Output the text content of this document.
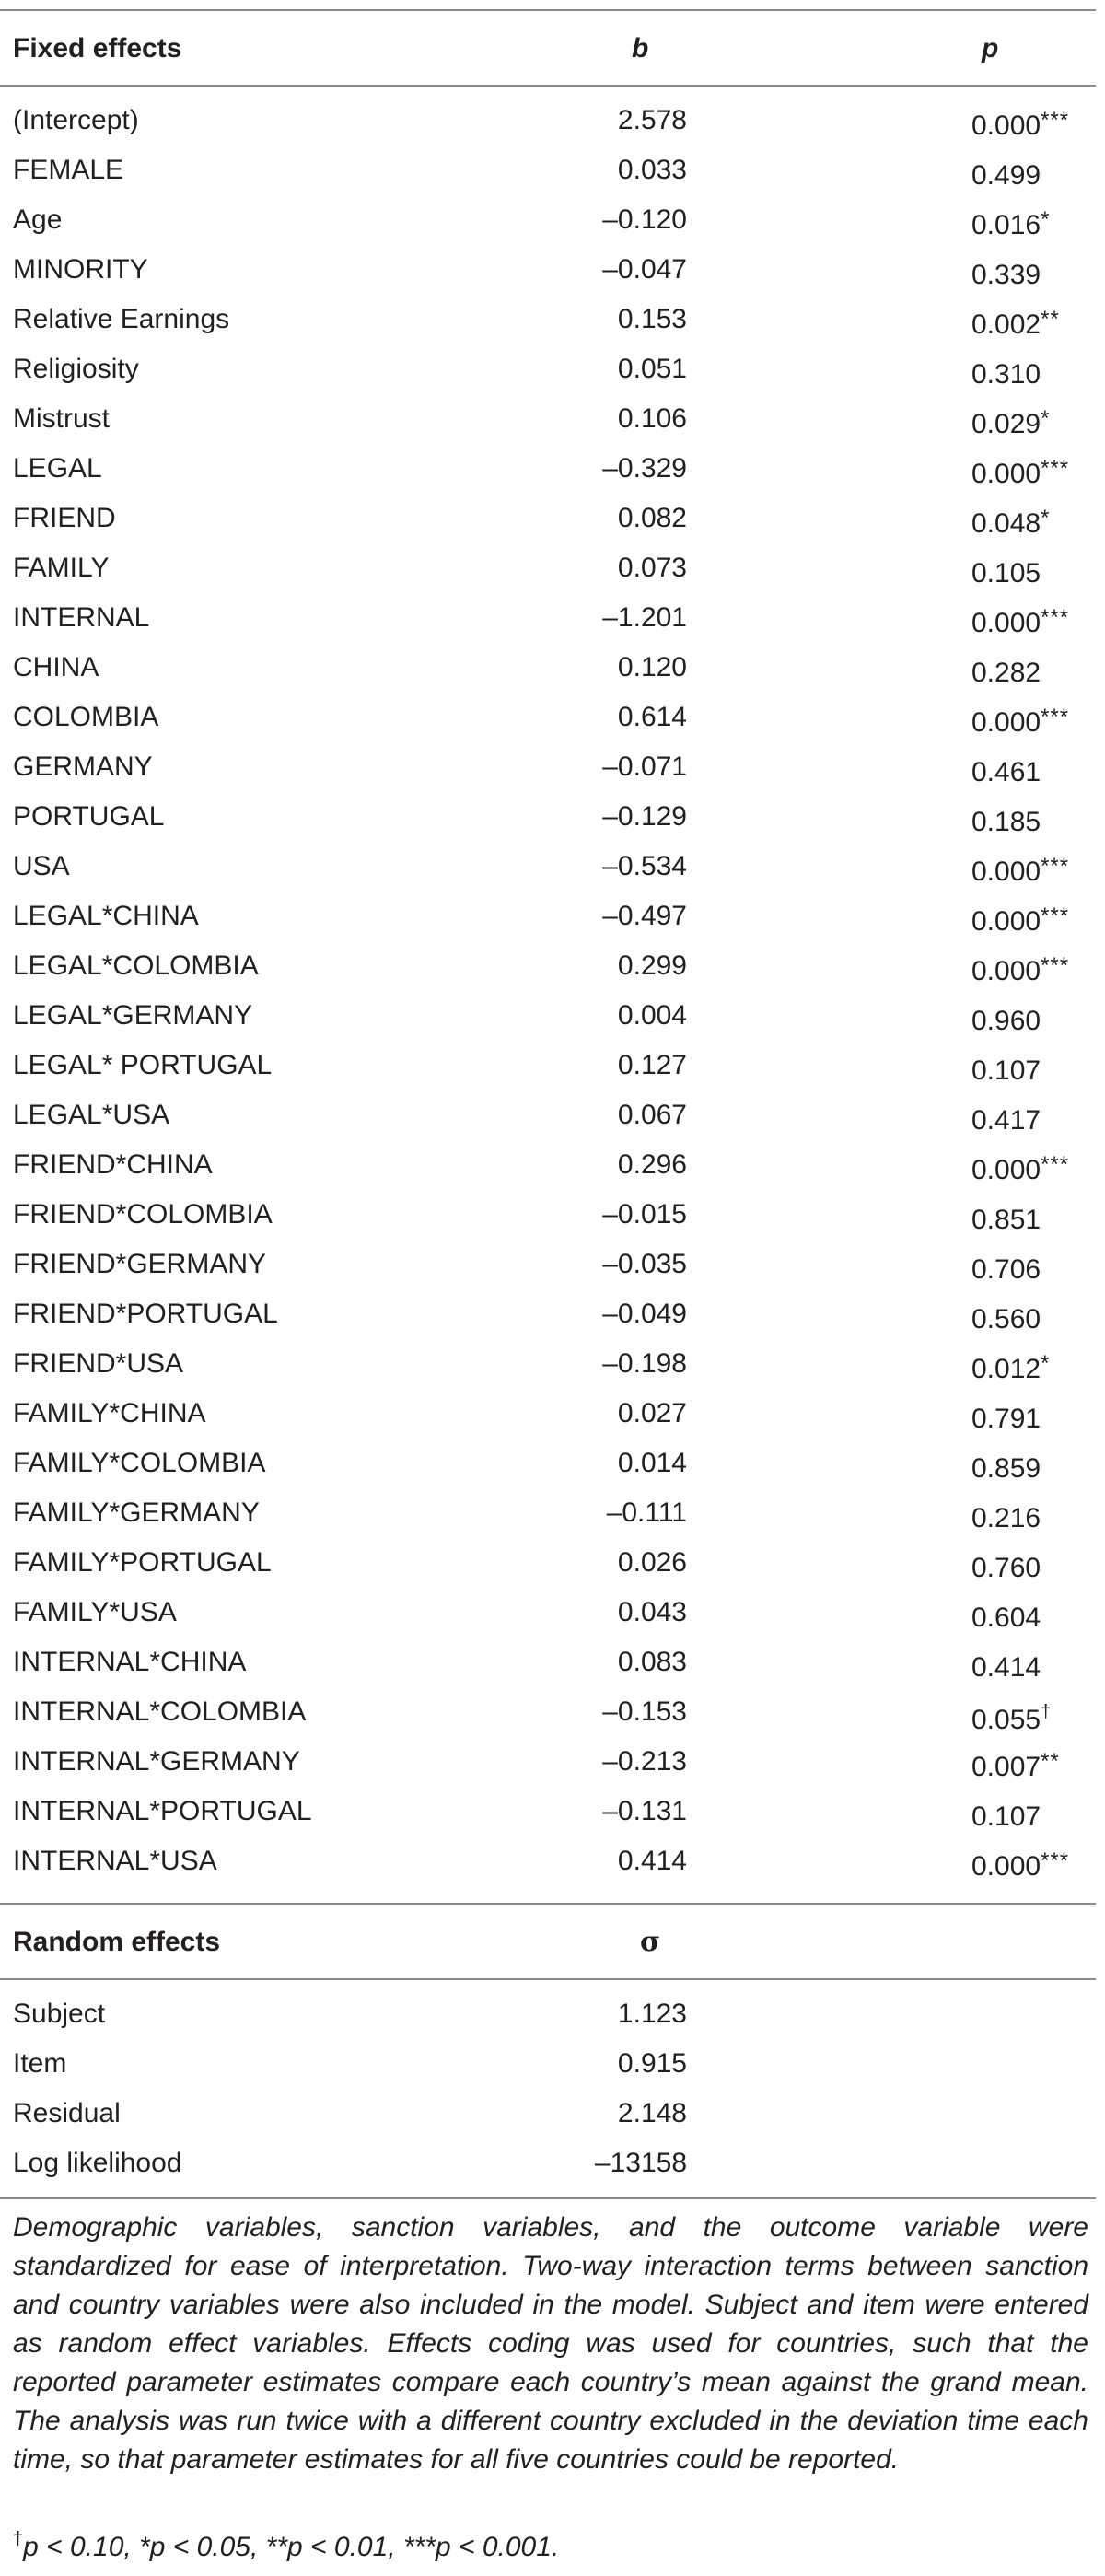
Fixed effects	b	p
(Intercept)	2.578	0.000***
FEMALE	0.033	0.499
Age	–0.120	0.016*
MINORITY	–0.047	0.339
Relative Earnings	0.153	0.002**
Religiosity	0.051	0.310
Mistrust	0.106	0.029*
LEGAL	–0.329	0.000***
FRIEND	0.082	0.048*
FAMILY	0.073	0.105
INTERNAL	–1.201	0.000***
CHINA	0.120	0.282
COLOMBIA	0.614	0.000***
GERMANY	–0.071	0.461
PORTUGAL	–0.129	0.185
USA	–0.534	0.000***
LEGAL*CHINA	–0.497	0.000***
LEGAL*COLOMBIA	0.299	0.000***
LEGAL*GERMANY	0.004	0.960
LEGAL* PORTUGAL	0.127	0.107
LEGAL*USA	0.067	0.417
FRIEND*CHINA	0.296	0.000***
FRIEND*COLOMBIA	–0.015	0.851
FRIEND*GERMANY	–0.035	0.706
FRIEND*PORTUGAL	–0.049	0.560
FRIEND*USA	–0.198	0.012*
FAMILY*CHINA	0.027	0.791
FAMILY*COLOMBIA	0.014	0.859
FAMILY*GERMANY	–0.111	0.216
FAMILY*PORTUGAL	0.026	0.760
FAMILY*USA	0.043	0.604
INTERNAL*CHINA	0.083	0.414
INTERNAL*COLOMBIA	–0.153	0.055†
INTERNAL*GERMANY	–0.213	0.007**
INTERNAL*PORTUGAL	–0.131	0.107
INTERNAL*USA	0.414	0.000***
Random effects	σ
Subject	1.123
Item	0.915
Residual	2.148
Log likelihood	–13158
Demographic variables, sanction variables, and the outcome variable were standardized for ease of interpretation. Two-way interaction terms between sanction and country variables were also included in the model. Subject and item were entered as random effect variables. Effects coding was used for countries, such that the reported parameter estimates compare each country’s mean against the grand mean. The analysis was run twice with a different country excluded in the deviation time each time, so that parameter estimates for all five countries could be reported.
†p < 0.10, *p < 0.05, **p < 0.01, ***p < 0.001.
